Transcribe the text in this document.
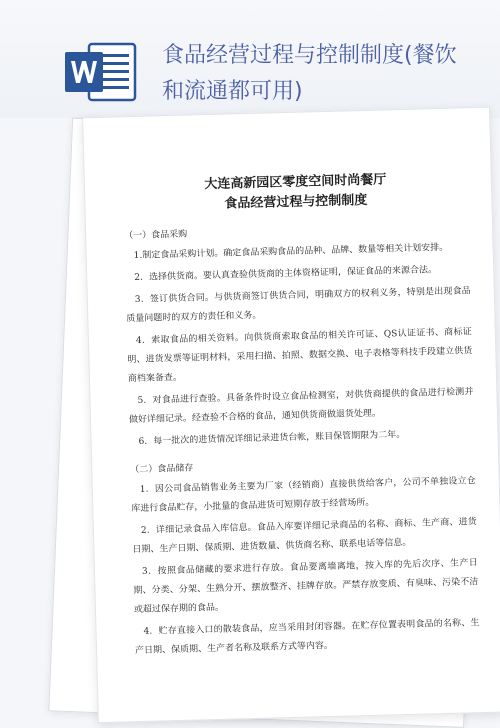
食品经营过程与控制制度(餐饮和流通都可用)
大连高新园区零度空间时尚餐厅
食品经营过程与控制制度
（一）食品采购

1.制定食品采购计划。确定食品采购食品的品种、品牌、数量等相关计划安排。

2．选择供货商。要认真查验供货商的主体资格证明，保证食品的来源合法。

3．签订供货合同。与供货商签订供货合同，明确双方的权利义务，特别是出现食品质量问题时的双方的责任和义务。

4．索取食品的相关资料。向供货商索取食品的相关许可证、QS认证证书、商标证明、进货发票等证明材料，采用扫描、拍照、数据交换、电子表格等科技手段建立供货商档案备查。

5．对食品进行查验。具备条件时设立食品检测室，对供货商提供的食品进行检测并做好详细记录。经查验不合格的食品，通知供货商做退货处理。

6．每一批次的进货情况详细记录进货台帐，账目保管期限为二年。

（二）食品储存

1．因公司食品销售业务主要为厂家（经销商）直接供货给客户，公司不单独设立仓库进行食品贮存，小批量的食品进货可短期存放于经营场所。

2．详细记录食品入库信息。食品入库要详细记录商品的名称、商标、生产商、进货日期、生产日期、保质期、进货数量、供货商名称、联系电话等信息。

3．按照食品储藏的要求进行存放。食品要离墙离地，按入库的先后次序、生产日期、分类、分架、生熟分开、摆放整齐、挂牌存放。严禁存放变质、有臭味、污染不洁或超过保存期的食品。

4．贮存直接入口的散装食品，应当采用封闭容器。在贮存位置表明食品的名称、生产日期、保质期、生产者名称及联系方式等内容。
